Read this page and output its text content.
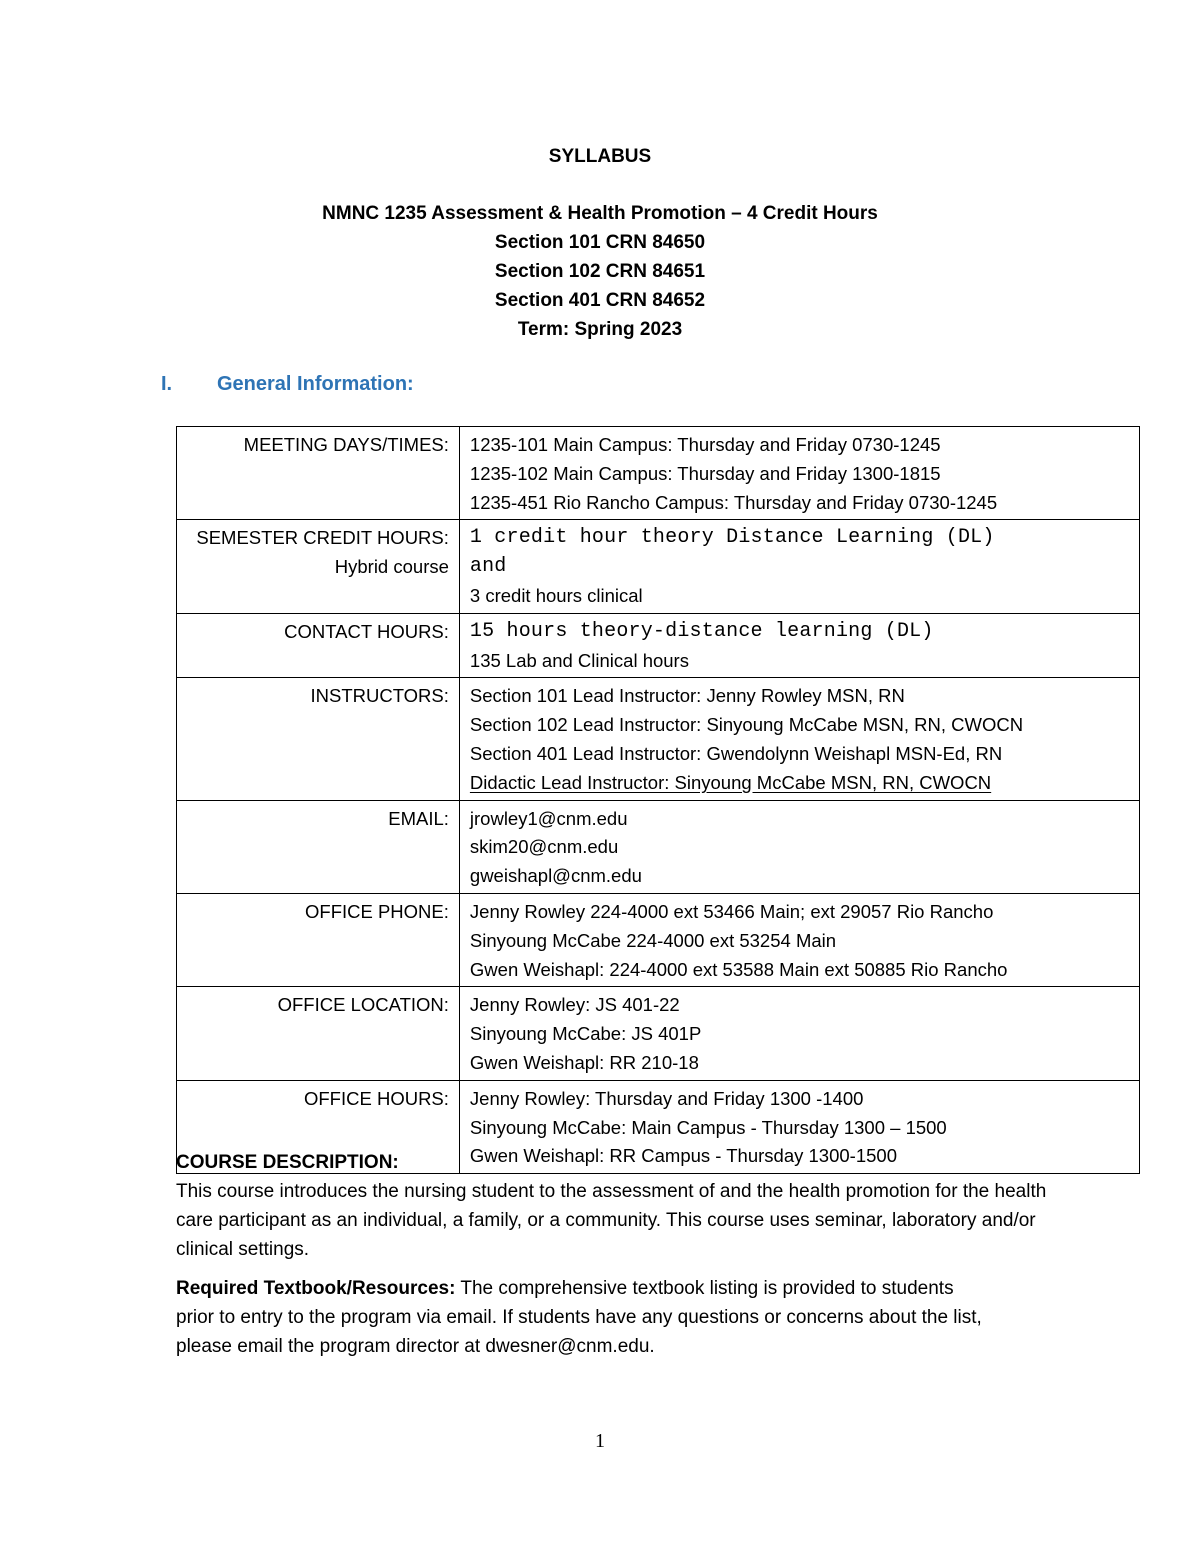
SYLLABUS
NMNC 1235 Assessment & Health Promotion – 4 Credit Hours
Section 101 CRN 84650
Section 102 CRN 84651
Section 401 CRN 84652
Term: Spring 2023
I. General Information:
MEETING DAYS/TIMES:	1235-101 Main Campus: Thursday and Friday 0730-1245
1235-102 Main Campus: Thursday and Friday 1300-1815
1235-451 Rio Rancho Campus: Thursday and Friday 0730-1245

SEMESTER CREDIT HOURS:
Hybrid course	1 credit hour theory Distance Learning (DL)
and
3 credit hours clinical

CONTACT HOURS:	15 hours theory-distance learning (DL)
135 Lab and Clinical hours

INSTRUCTORS:	Section 101 Lead Instructor: Jenny Rowley MSN, RN
Section 102 Lead Instructor: Sinyoung McCabe MSN, RN, CWOCN
Section 401 Lead Instructor: Gwendolynn Weishapl MSN-Ed, RN
Didactic Lead Instructor: Sinyoung McCabe MSN, RN, CWOCN

EMAIL:	jrowley1@cnm.edu
skim20@cnm.edu
gweishapl@cnm.edu

OFFICE PHONE:	Jenny Rowley 224-4000 ext 53466 Main; ext 29057 Rio Rancho
Sinyoung McCabe 224-4000 ext 53254 Main
Gwen Weishapl: 224-4000 ext 53588 Main ext 50885 Rio Rancho

OFFICE LOCATION:	Jenny Rowley: JS 401-22
Sinyoung McCabe: JS 401P
Gwen Weishapl: RR 210-18

OFFICE HOURS:	Jenny Rowley: Thursday and Friday 1300 -1400
Sinyoung McCabe: Main Campus - Thursday 1300 – 1500
Gwen Weishapl: RR Campus - Thursday 1300-1500
COURSE DESCRIPTION:
This course introduces the nursing student to the assessment of and the health promotion for the health care participant as an individual, a family, or a community. This course uses seminar, laboratory and/or clinical settings.
Required Textbook/Resources: The comprehensive textbook listing is provided to students prior to entry to the program via email. If students have any questions or concerns about the list, please email the program director at dwesner@cnm.edu.
1
